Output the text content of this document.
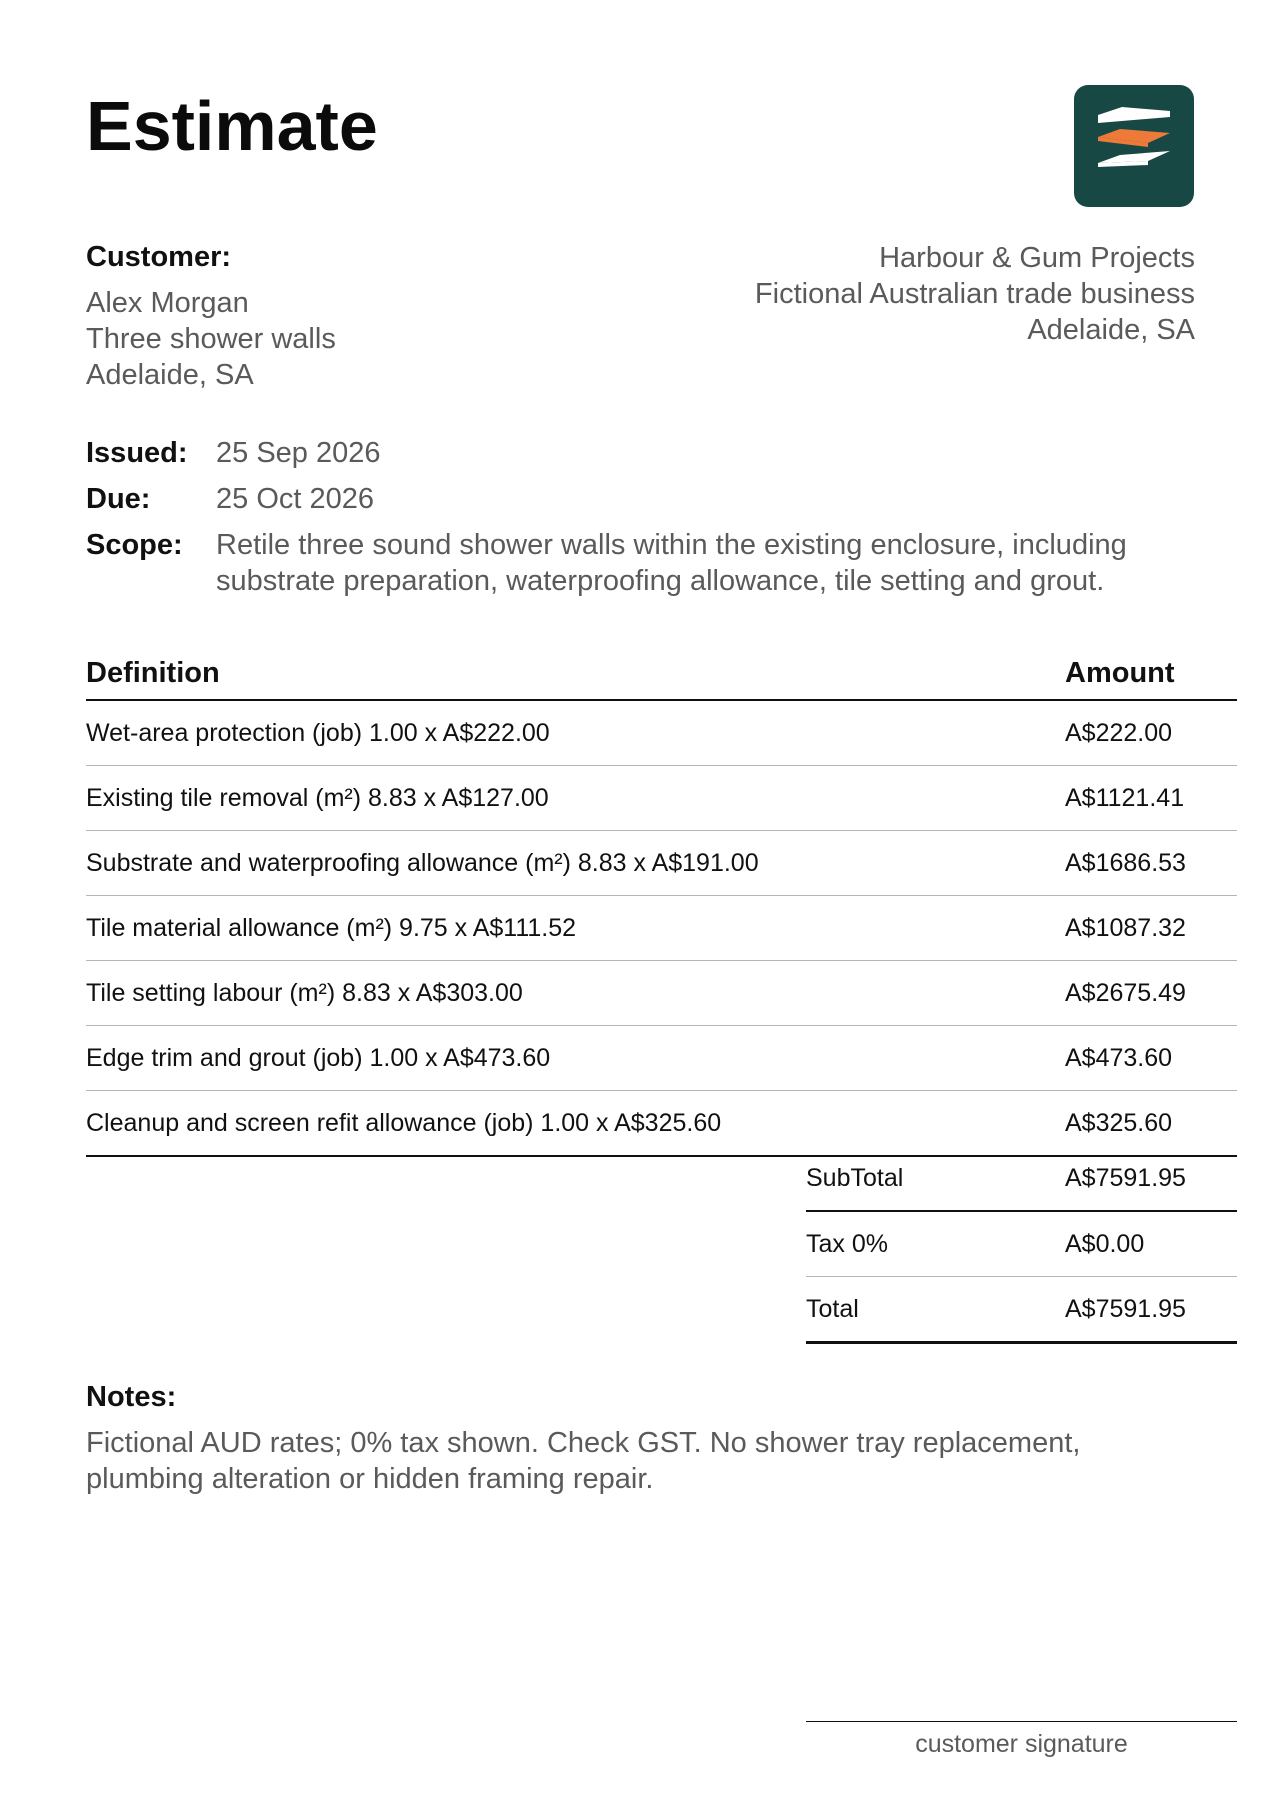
Estimate
Customer:
Alex Morgan
Three shower walls
Adelaide, SA
Harbour & Gum Projects
Fictional Australian trade business
Adelaide, SA
Issued: 25 Sep 2026
Due:	25 Oct 2026
Scope:	Retile three sound shower walls within the existing enclosure, including substrate preparation, waterproofing allowance, tile setting and grout.
Definition	Amount
Wet-area protection (job) 1.00 x A$222.00	A$222.00
Existing tile removal (m²) 8.83 x A$127.00	A$1121.41
Substrate and waterproofing allowance (m²) 8.83 x A$191.00	A$1686.53
Tile material allowance (m²) 9.75 x A$111.52	A$1087.32
Tile setting labour (m²) 8.83 x A$303.00	A$2675.49
Edge trim and grout (job) 1.00 x A$473.60	A$473.60
Cleanup and screen refit allowance (job) 1.00 x A$325.60	A$325.60
SubTotal	A$7591.95
Tax 0%	A$0.00
Total	A$7591.95
Notes:
Fictional AUD rates; 0% tax shown. Check GST. No shower tray replacement, plumbing alteration or hidden framing repair.
customer signature
